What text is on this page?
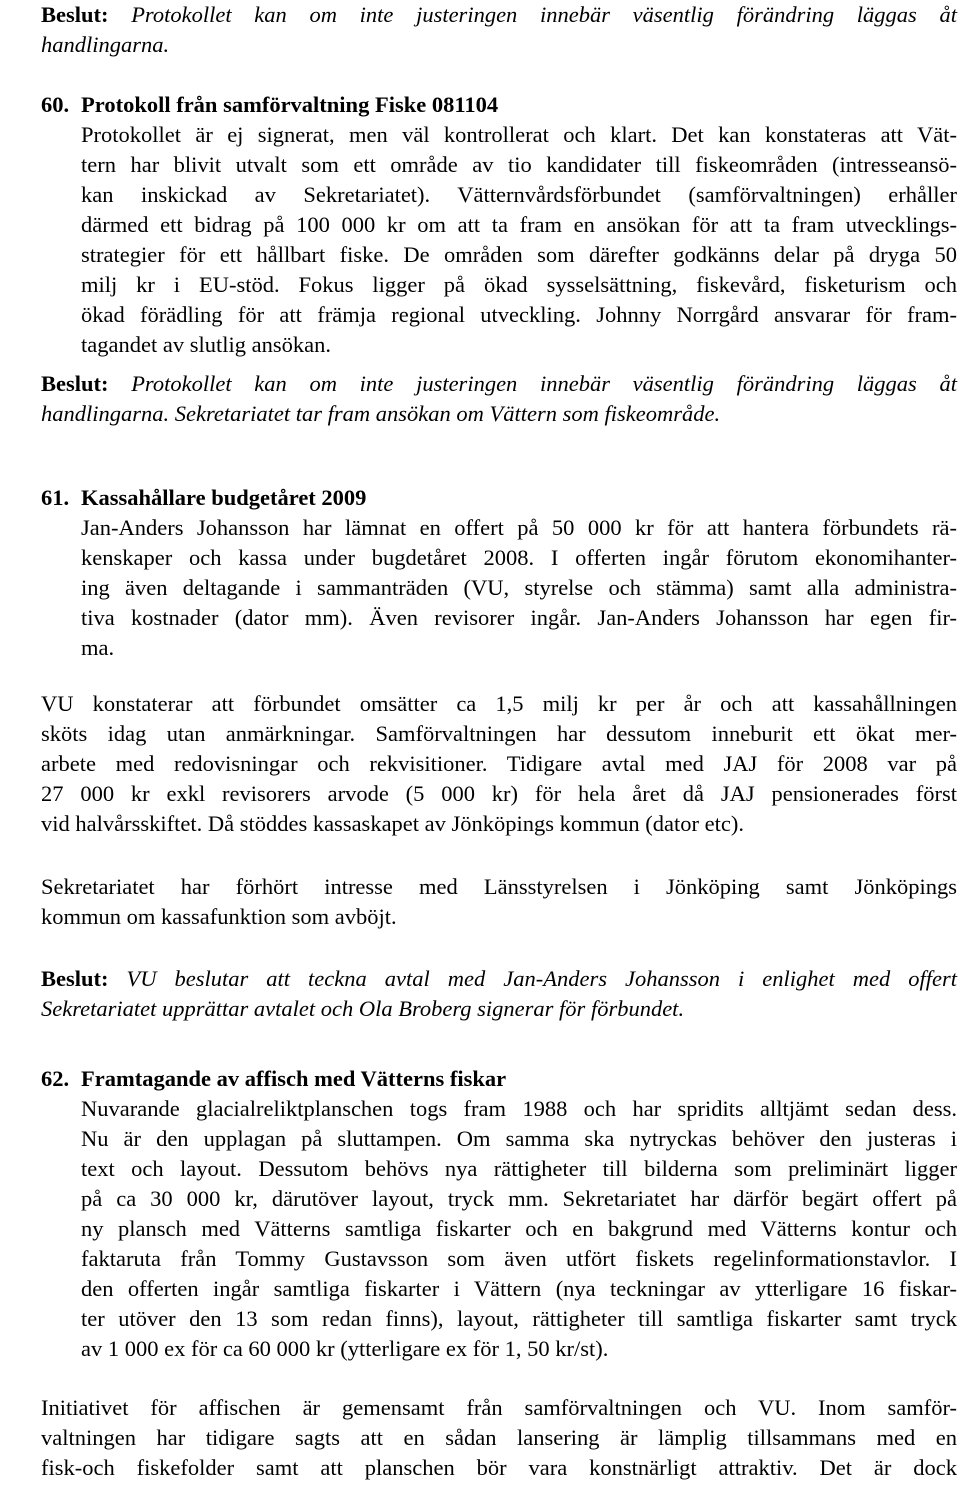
Beslut: Protokollet kan om inte justeringen innebär väsentlig förändring läggas åt
handlingarna.
60. Protokoll från samförvaltning Fiske 081104
Protokollet är ej signerat, men väl kontrollerat och klart. Det kan konstateras att Vät-
tern har blivit utvalt som ett område av tio kandidater till fiskeområden (intresseansö-
kan inskickad av Sekretariatet). Vätternvårdsförbundet (samförvaltningen) erhåller
därmed ett bidrag på 100 000 kr om att ta fram en ansökan för att ta fram utvecklings-
strategier för ett hållbart fiske. De områden som därefter godkänns delar på dryga 50
milj kr i EU-stöd. Fokus ligger på ökad sysselsättning, fiskevård, fisketurism och
ökad förädling för att främja regional utveckling. Johnny Norrgård ansvarar för fram-
tagandet av slutlig ansökan.
Beslut: Protokollet kan om inte justeringen innebär väsentlig förändring läggas åt
handlingarna. Sekretariatet tar fram ansökan om Vättern som fiskeområde.
61. Kassahållare budgetåret 2009
Jan-Anders Johansson har lämnat en offert på 50 000 kr för att hantera förbundets rä-
kenskaper och kassa under bugdetåret 2008. I offerten ingår förutom ekonomihanter-
ing även deltagande i sammanträden (VU, styrelse och stämma) samt alla administra-
tiva kostnader (dator mm). Även revisorer ingår. Jan-Anders Johansson har egen fir-
ma.
VU konstaterar att förbundet omsätter ca 1,5 milj kr per år och att kassahållningen
sköts idag utan anmärkningar. Samförvaltningen har dessutom inneburit ett ökat mer-
arbete med redovisningar och rekvisitioner. Tidigare avtal med JAJ för 2008 var på
27 000 kr exkl revisorers arvode (5 000 kr) för hela året då JAJ pensionerades först
vid halvårsskiftet. Då stöddes kassaskapet av Jönköpings kommun (dator etc).
Sekretariatet har förhört intresse med Länsstyrelsen i Jönköping samt Jönköpings
kommun om kassafunktion som avböjt.
Beslut: VU beslutar att teckna avtal med Jan-Anders Johansson i enlighet med offert
Sekretariatet upprättar avtalet och Ola Broberg signerar för förbundet.
62. Framtagande av affisch med Vätterns fiskar
Nuvarande glacialreliktplanschen togs fram 1988 och har spridits alltjämt sedan dess.
Nu är den upplagan på sluttampen. Om samma ska nytryckas behöver den justeras i
text och layout. Dessutom behövs nya rättigheter till bilderna som preliminärt ligger
på ca 30 000 kr, därutöver layout, tryck mm. Sekretariatet har därför begärt offert på
ny plansch med Vätterns samtliga fiskarter och en bakgrund med Vätterns kontur och
faktaruta från Tommy Gustavsson som även utfört fiskets regelinformationstavlor. I
den offerten ingår samtliga fiskarter i Vättern (nya teckningar av ytterligare 16 fiskar-
ter utöver den 13 som redan finns), layout, rättigheter till samtliga fiskarter samt tryck
av 1 000 ex för ca 60 000 kr (ytterligare ex för 1, 50 kr/st).
Initiativet för affischen är gemensamt från samförvaltningen och VU. Inom samför-
valtningen har tidigare sagts att en sådan lansering är lämplig tillsammans med en
fisk-och fiskefolder samt att planschen bör vara konstnärligt attraktiv. Det är dock
